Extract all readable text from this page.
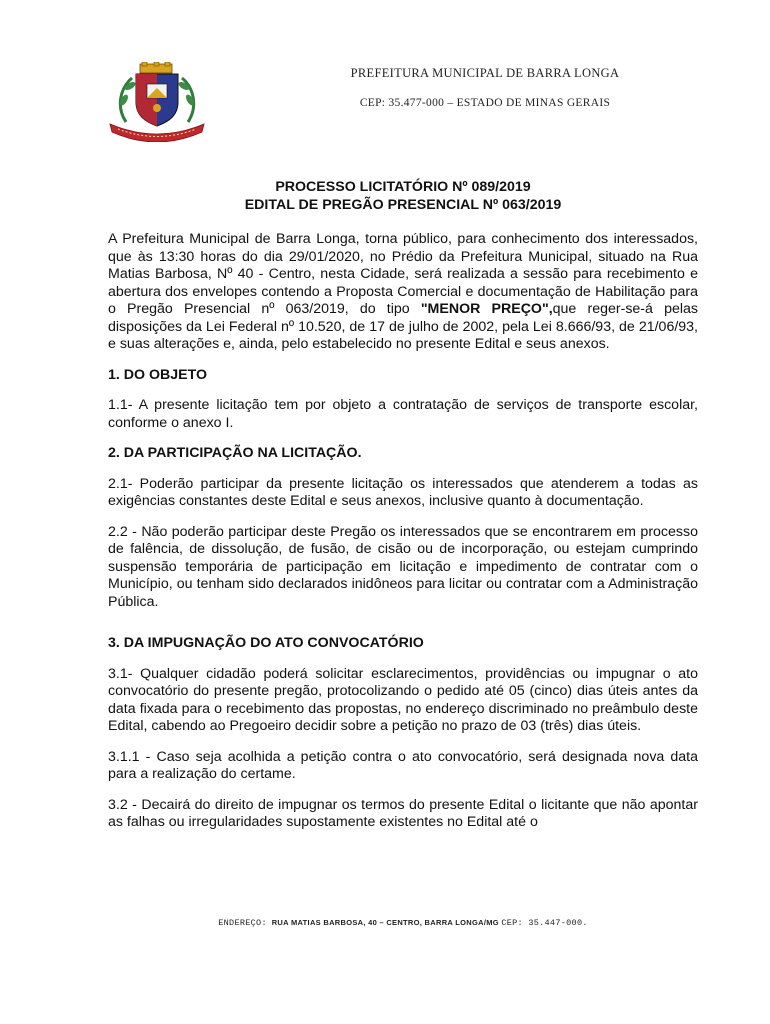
PREFEITURA MUNICIPAL DE BARRA LONGA
CEP: 35.477-000 – ESTADO DE MINAS GERAIS
PROCESSO LICITATÓRIO Nº 089/2019
EDITAL DE PREGÃO PRESENCIAL Nº 063/2019

A Prefeitura Municipal de Barra Longa, torna público, para conhecimento dos interessados, que às 13:30 horas do dia 29/01/2020, no Prédio da Prefeitura Municipal, situado na Rua Matias Barbosa, Nº 40 - Centro, nesta Cidade, será realizada a sessão para recebimento e abertura dos envelopes contendo a Proposta Comercial e documentação de Habilitação para o Pregão Presencial nº 063/2019, do tipo "MENOR PREÇO",que reger-se-á pelas disposições da Lei Federal nº 10.520, de 17 de julho de 2002, pela Lei 8.666/93, de 21/06/93, e suas alterações e, ainda, pelo estabelecido no presente Edital e seus anexos.

1. DO OBJETO

1.1- A presente licitação tem por objeto a contratação de serviços de transporte escolar, conforme o anexo I.

2. DA PARTICIPAÇÃO NA LICITAÇÃO.

2.1- Poderão participar da presente licitação os interessados que atenderem a todas as exigências constantes deste Edital e seus anexos, inclusive quanto à documentação.

2.2 - Não poderão participar deste Pregão os interessados que se encontrarem em processo de falência, de dissolução, de fusão, de cisão ou de incorporação, ou estejam cumprindo suspensão temporária de participação em licitação e impedimento de contratar com o Município, ou tenham sido declarados inidôneos para licitar ou contratar com a Administração Pública.

3. DA IMPUGNAÇÃO DO ATO CONVOCATÓRIO

3.1- Qualquer cidadão poderá solicitar esclarecimentos, providências ou impugnar o ato convocatório do presente pregão, protocolizando o pedido até 05 (cinco) dias úteis antes da data fixada para o recebimento das propostas, no endereço discriminado no preâmbulo deste Edital, cabendo ao Pregoeiro decidir sobre a petição no prazo de 03 (três) dias úteis.

3.1.1 - Caso seja acolhida a petição contra o ato convocatório, será designada nova data para a realização do certame.

3.2 - Decairá do direito de impugnar os termos do presente Edital o licitante que não apontar as falhas ou irregularidades supostamente existentes no Edital até o

ENDEREÇO: RUA MATIAS BARBOSA, 40 – CENTRO, BARRA LONGA/MG CEP: 35.447-000.
